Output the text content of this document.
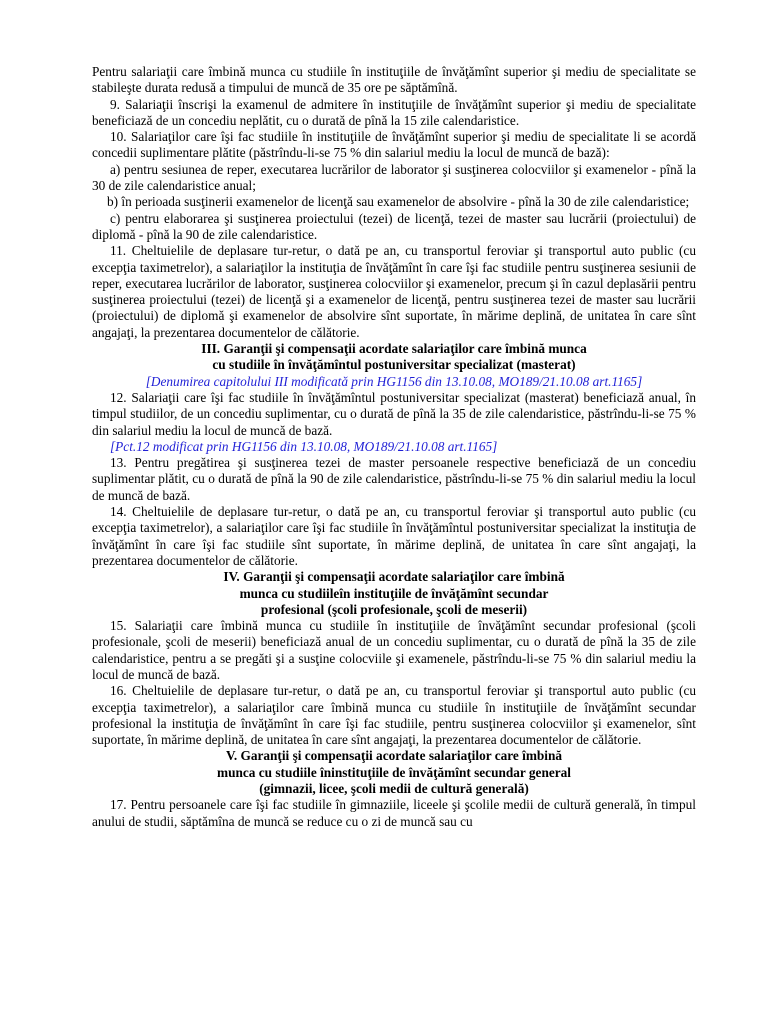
Pentru salariaţii care îmbină munca cu studiile în instituţiile de învăţămînt superior şi mediu de specialitate se stabileşte durata redusă a timpului de muncă de 35 ore pe săptămînă.

9. Salariaţii înscrişi la examenul de admitere în instituţiile de învăţămînt superior şi mediu de specialitate beneficiază de un concediu neplătit, cu o durată de pînă la 15 zile calendaristice.

10. Salariaţilor care îşi fac studiile în instituţiile de învăţămînt superior şi mediu de specialitate li se acordă concedii suplimentare plătite (păstrîndu-li-se 75 % din salariul mediu la locul de muncă de bază):

a) pentru sesiunea de reper, executarea lucrărilor de laborator şi susţinerea colocviilor şi examenelor - pînă la 30 de zile calendaristice anual;

b) în perioada susţinerii examenelor de licenţă sau examenelor de absolvire - pînă la 30 de zile calendaristice;

c) pentru elaborarea şi susţinerea proiectului (tezei) de licenţă, tezei de master sau lucrării (proiectului) de diplomă - pînă la 90 de zile calendaristice.

11. Cheltuielile de deplasare tur-retur, o dată pe an, cu transportul feroviar şi transportul auto public (cu excepţia taximetrelor), a salariaţilor la instituţia de învăţămînt în care îşi fac studiile pentru susţinerea sesiunii de reper, executarea lucrărilor de laborator, susţinerea colocviilor şi examenelor, precum şi în cazul deplasării pentru susţinerea proiectului (tezei) de licenţă şi a examenelor de licenţă, pentru susţinerea tezei de master sau lucrării (proiectului) de diplomă şi examenelor de absolvire sînt suportate, în mărime deplină, de unitatea în care sînt angajaţi, la prezentarea documentelor de călătorie.

III. Garanţii şi compensaţii acordate salariaţilor care îmbină munca

cu studiile în învăţămîntul postuniversitar specializat (masterat)

[Denumirea capitolului III modificată prin HG1156 din 13.10.08, MO189/21.10.08 art.1165]

12. Salariaţii care îşi fac studiile în învăţămîntul postuniversitar specializat (masterat) beneficiază anual, în timpul studiilor, de un concediu suplimentar, cu o durată de pînă la 35 de zile calendaristice, păstrîndu-li-se 75 % din salariul mediu la locul de muncă de bază.

[Pct.12 modificat prin HG1156 din 13.10.08, MO189/21.10.08 art.1165]

13. Pentru pregătirea şi susţinerea tezei de master persoanele respective beneficiază de un concediu suplimentar plătit, cu o durată de pînă la 90 de zile calendaristice, păstrîndu-li-se 75 % din salariul mediu la locul de muncă de bază.

14. Cheltuielile de deplasare tur-retur, o dată pe an, cu transportul feroviar şi transportul auto public (cu excepţia taximetrelor), a salariaţilor care îşi fac studiile în învăţămîntul postuniversitar specializat la instituţia de învăţămînt în care îşi fac studiile sînt suportate, în mărime deplină, de unitatea în care sînt angajaţi, la prezentarea documentelor de călătorie.

IV. Garanţii şi compensaţii acordate salariaţilor care îmbină

munca cu studiileîn instituţiile de învăţămînt secundar

profesional (şcoli profesionale, şcoli de meserii)

15. Salariaţii care îmbină munca cu studiile în instituţiile de învăţămînt secundar profesional (şcoli profesionale, şcoli de meserii) beneficiază anual de un concediu suplimentar, cu o durată de pînă la 35 de zile calendaristice, pentru a se pregăti şi a susţine colocviile şi examenele, păstrîndu-li-se 75 % din salariul mediu la locul de muncă de bază.

16. Cheltuielile de deplasare tur-retur, o dată pe an, cu transportul feroviar şi transportul auto public (cu excepţia taximetrelor), a salariaţilor care îmbină munca cu studiile în instituţiile de învăţămînt secundar profesional la instituţia de învăţămînt în care îşi fac studiile, pentru susţinerea colocviilor şi examenelor, sînt suportate, în mărime deplină, de unitatea în care sînt angajaţi, la prezentarea documentelor de călătorie.

V. Garanţii şi compensaţii acordate salariaţilor care îmbină

munca cu studiile îninstituţiile de învăţămînt secundar general

(gimnazii, licee, şcoli medii de cultură generală)

17. Pentru persoanele care îşi fac studiile în gimnaziile, liceele şi şcolile medii de cultură generală, în timpul anului de studii, săptămîna de muncă se reduce cu o zi de muncă sau cu
